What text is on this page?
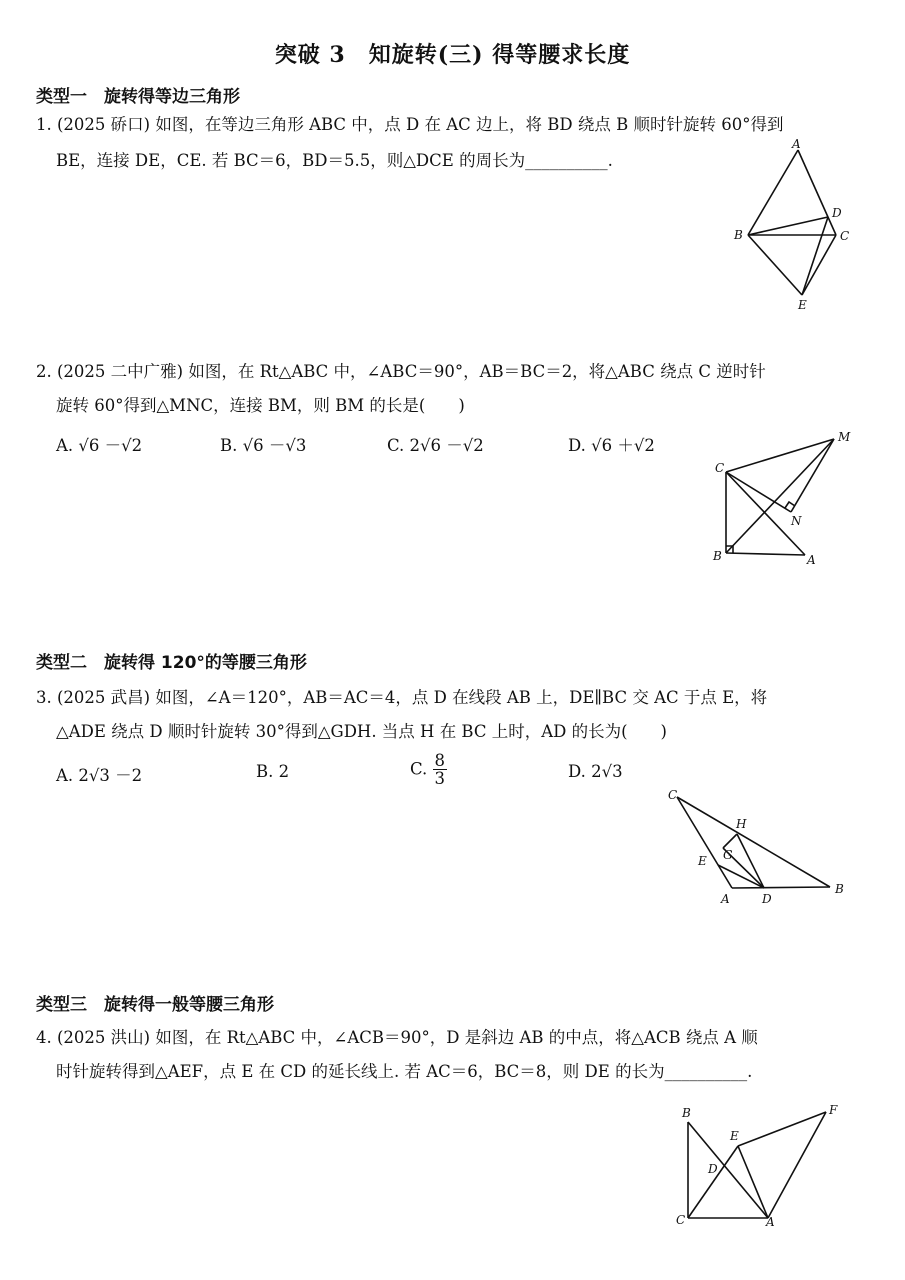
突破 3　知旋转(三) 得等腰求长度
类型一　旋转得等边三角形
1. (2025 硚口) 如图，在等边三角形 ABC 中，点 D 在 AC 边上，将 BD 绕点 B 顺时针旋转 60°得到
BE，连接 DE，CE. 若 BC＝6，BD＝5.5，则△DCE 的周长为__________.
A
B	C
D
E
2. (2025 二中广雅) 如图，在 Rt△ABC 中，∠ABC＝90°，AB＝BC＝2，将△ABC 绕点 C 逆时针
旋转 60°得到△MNC，连接 BM，则 BM 的长是(　　)
A. √6 －√2	B. √6 －√3	C. 2√6 －√2	D. √6 ＋√2
C
M
N
B	A
类型二　旋转得 120°的等腰三角形
3. (2025 武昌) 如图，∠A＝120°，AB＝AC＝4，点 D 在线段 AB 上，DE∥BC 交 AC 于点 E，将
△ADE 绕点 D 顺时针旋转 30°得到△GDH. 当点 H 在 BC 上时，AD 的长为(　　)
A. 2√3 －2	B. 2	C. $\frac{8}{3}$	D. 2√3
C
H
G
E
A	D
B
类型三　旋转得一般等腰三角形
4. (2025 洪山) 如图，在 Rt△ABC 中，∠ACB＝90°，D 是斜边 AB 的中点，将△ACB 绕点 A 顺
时针旋转得到△AEF，点 E 在 CD 的延长线上. 若 AC＝6，BC＝8，则 DE 的长为__________.
B	F
E
D
C	A
